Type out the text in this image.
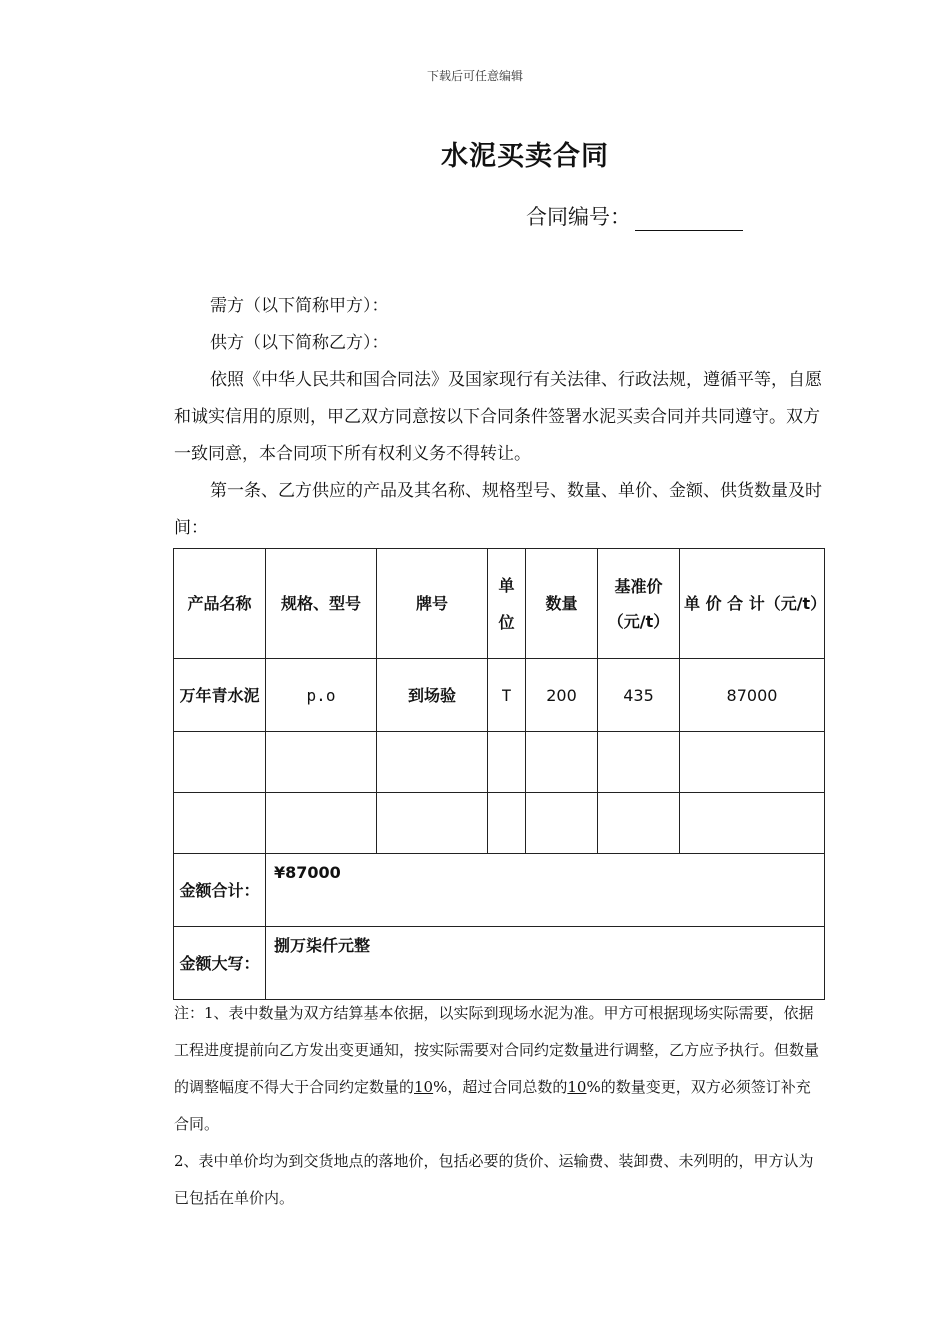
下载后可任意编辑
水泥买卖合同
合同编号：

需方（以下简称甲方）：

供方（以下简称乙方）：

依照《中华人民共和国合同法》及国家现行有关法律、行政法规，遵循平等，自愿和诚实信用的原则，甲乙双方同意按以下合同条件签署水泥买卖合同并共同遵守。双方一致同意，本合同项下所有权利义务不得转让。

第一条、乙方供应的产品及其名称、规格型号、数量、单价、金额、供货数量及时间：

产品名称	规格、型号	牌号	单位	数量	基准价（元/t）	单 价 合 计（元/t）
万年青水泥	p.o	到场验	T	200	435	87000

金额合计：	¥87000					
金额大写：	捌万柒仟元整					

注：1、表中数量为双方结算基本依据，以实际到现场水泥为准。甲方可根据现场实际需要，依据工程进度提前向乙方发出变更通知，按实际需要对合同约定数量进行调整，乙方应予执行。但数量的调整幅度不得大于合同约定数量的10%，超过合同总数的10%的数量变更，双方必须签订补充合同。

2、表中单价均为到交货地点的落地价，包括必要的货价、运输费、装卸费、未列明的，甲方认为已包括在单价内。
